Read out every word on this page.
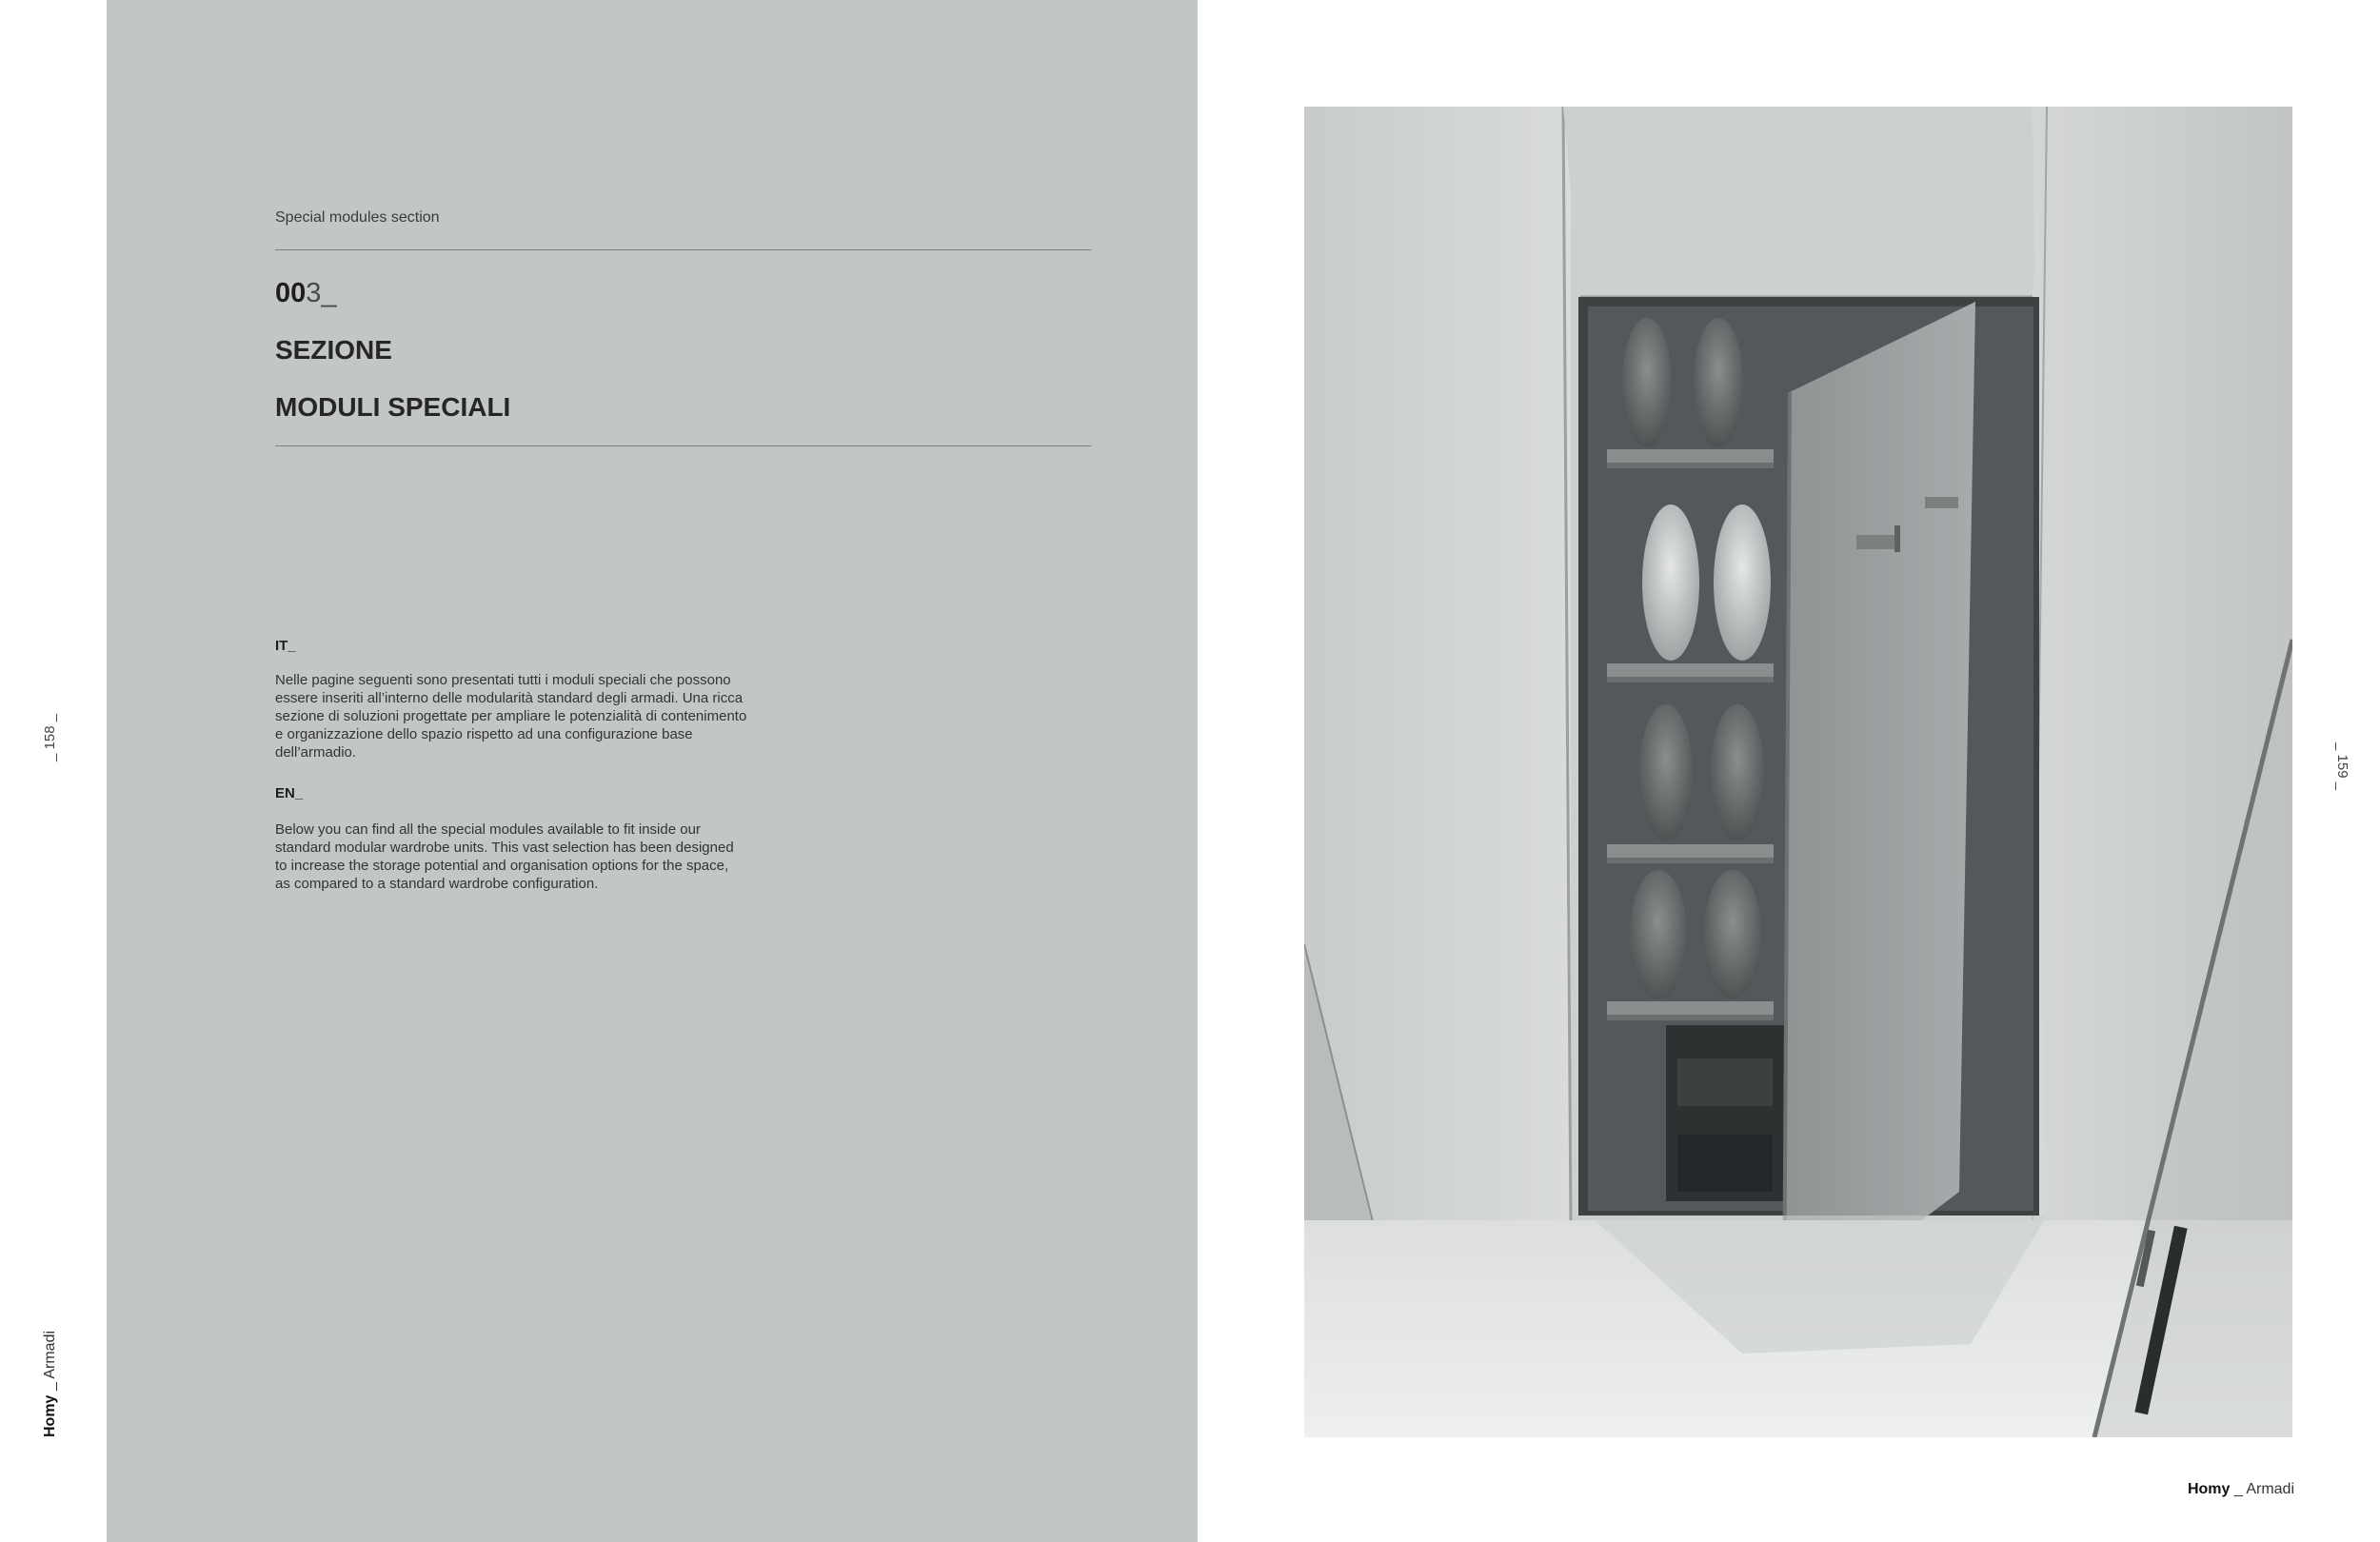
Special modules section
003_
SEZIONE
MODULI SPECIALI
IT_
Nelle pagine seguenti sono presentati tutti i moduli speciali che possono
essere inseriti all’interno delle modularità standard degli armadi. Una ricca
sezione di soluzioni progettate per ampliare le potenzialità di contenimento
e organizzazione dello spazio rispetto ad una configurazione base
dell’armadio.
EN_
Below you can find all the special modules available to fit inside our
standard modular wardrobe units. This vast selection has been designed
to increase the storage potential and organisation options for the space,
as compared to a standard wardrobe configuration.
_ 158 _
_ 159 _
Homy _ Armadi
Homy _ Armadi
